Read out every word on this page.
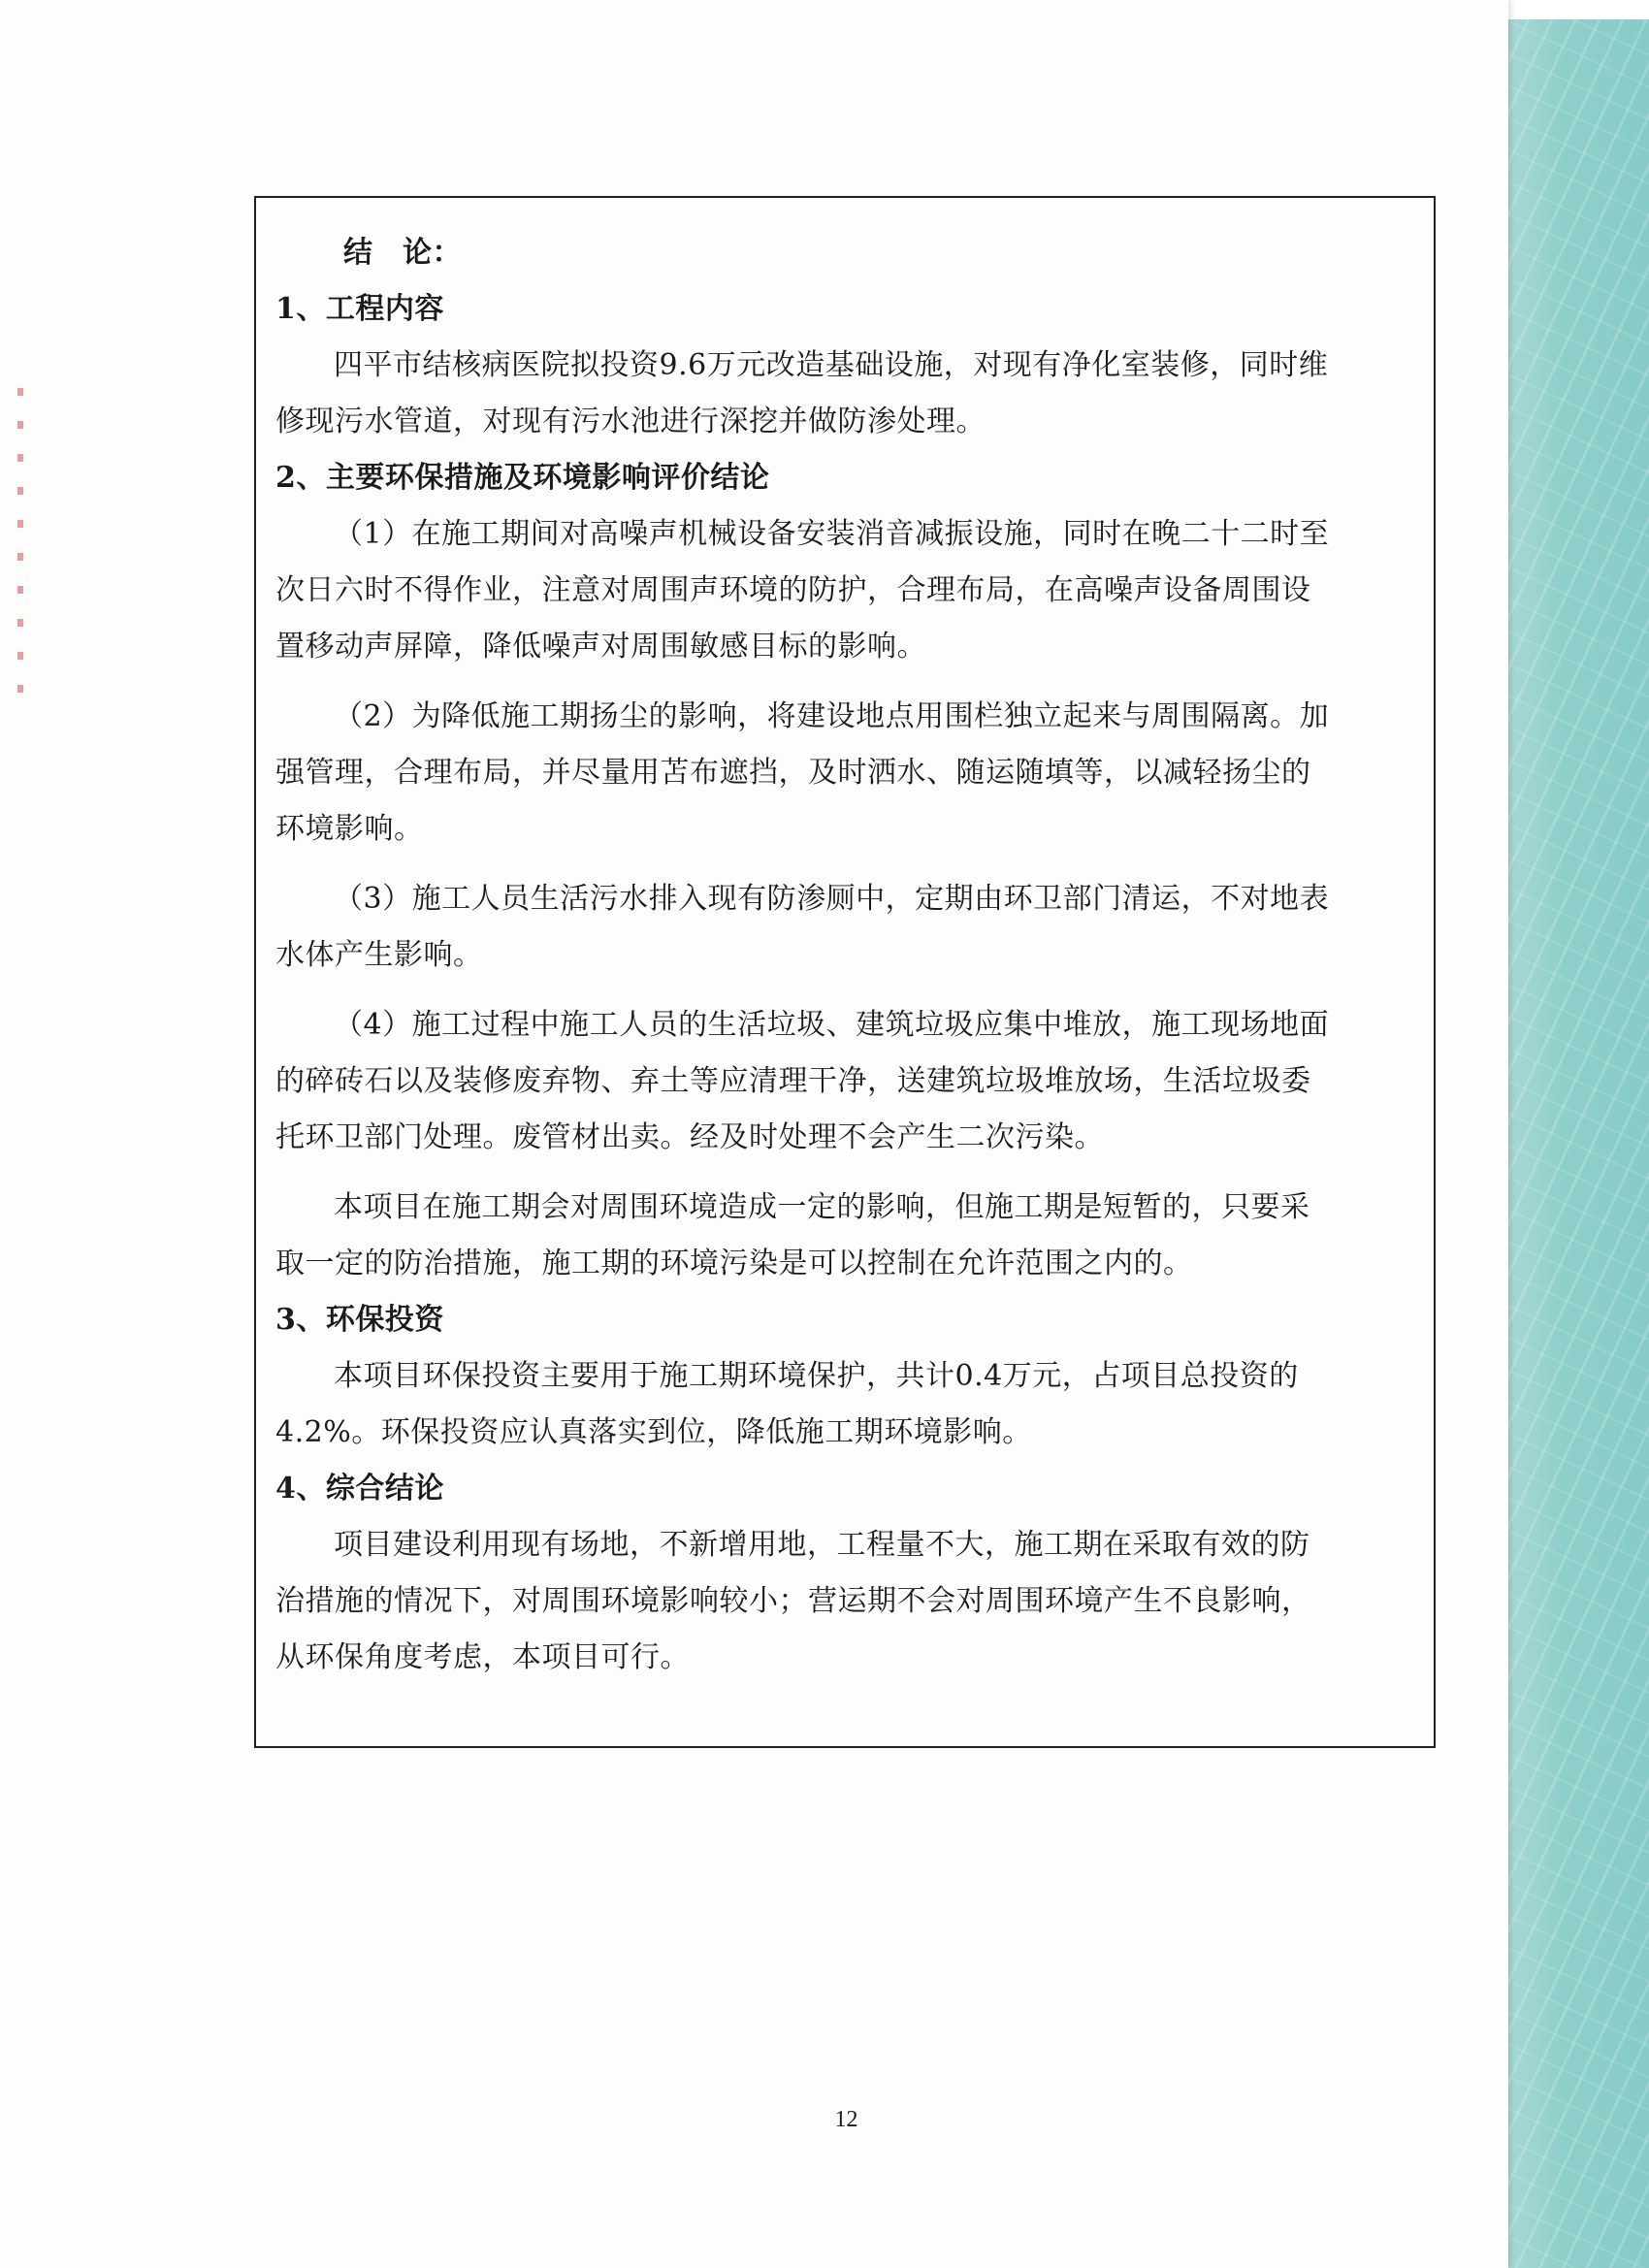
结　论：
1、工程内容
四平市结核病医院拟投资9.6万元改造基础设施，对现有净化室装修，同时维
修现污水管道，对现有污水池进行深挖并做防渗处理。
2、主要环保措施及环境影响评价结论
（1）在施工期间对高噪声机械设备安装消音减振设施，同时在晚二十二时至
次日六时不得作业，注意对周围声环境的防护，合理布局，在高噪声设备周围设
置移动声屏障，降低噪声对周围敏感目标的影响。
（2）为降低施工期扬尘的影响，将建设地点用围栏独立起来与周围隔离。加
强管理，合理布局，并尽量用苫布遮挡，及时洒水、随运随填等，以减轻扬尘的
环境影响。
（3）施工人员生活污水排入现有防渗厕中，定期由环卫部门清运，不对地表
水体产生影响。
（4）施工过程中施工人员的生活垃圾、建筑垃圾应集中堆放，施工现场地面
的碎砖石以及装修废弃物、弃土等应清理干净，送建筑垃圾堆放场，生活垃圾委
托环卫部门处理。废管材出卖。经及时处理不会产生二次污染。
本项目在施工期会对周围环境造成一定的影响，但施工期是短暂的，只要采
取一定的防治措施，施工期的环境污染是可以控制在允许范围之内的。
3、环保投资
本项目环保投资主要用于施工期环境保护，共计0.4万元，占项目总投资的
4.2%。环保投资应认真落实到位，降低施工期环境影响。
4、综合结论
项目建设利用现有场地，不新增用地，工程量不大，施工期在采取有效的防
治措施的情况下，对周围环境影响较小；营运期不会对周围环境产生不良影响，
从环保角度考虑，本项目可行。
12
